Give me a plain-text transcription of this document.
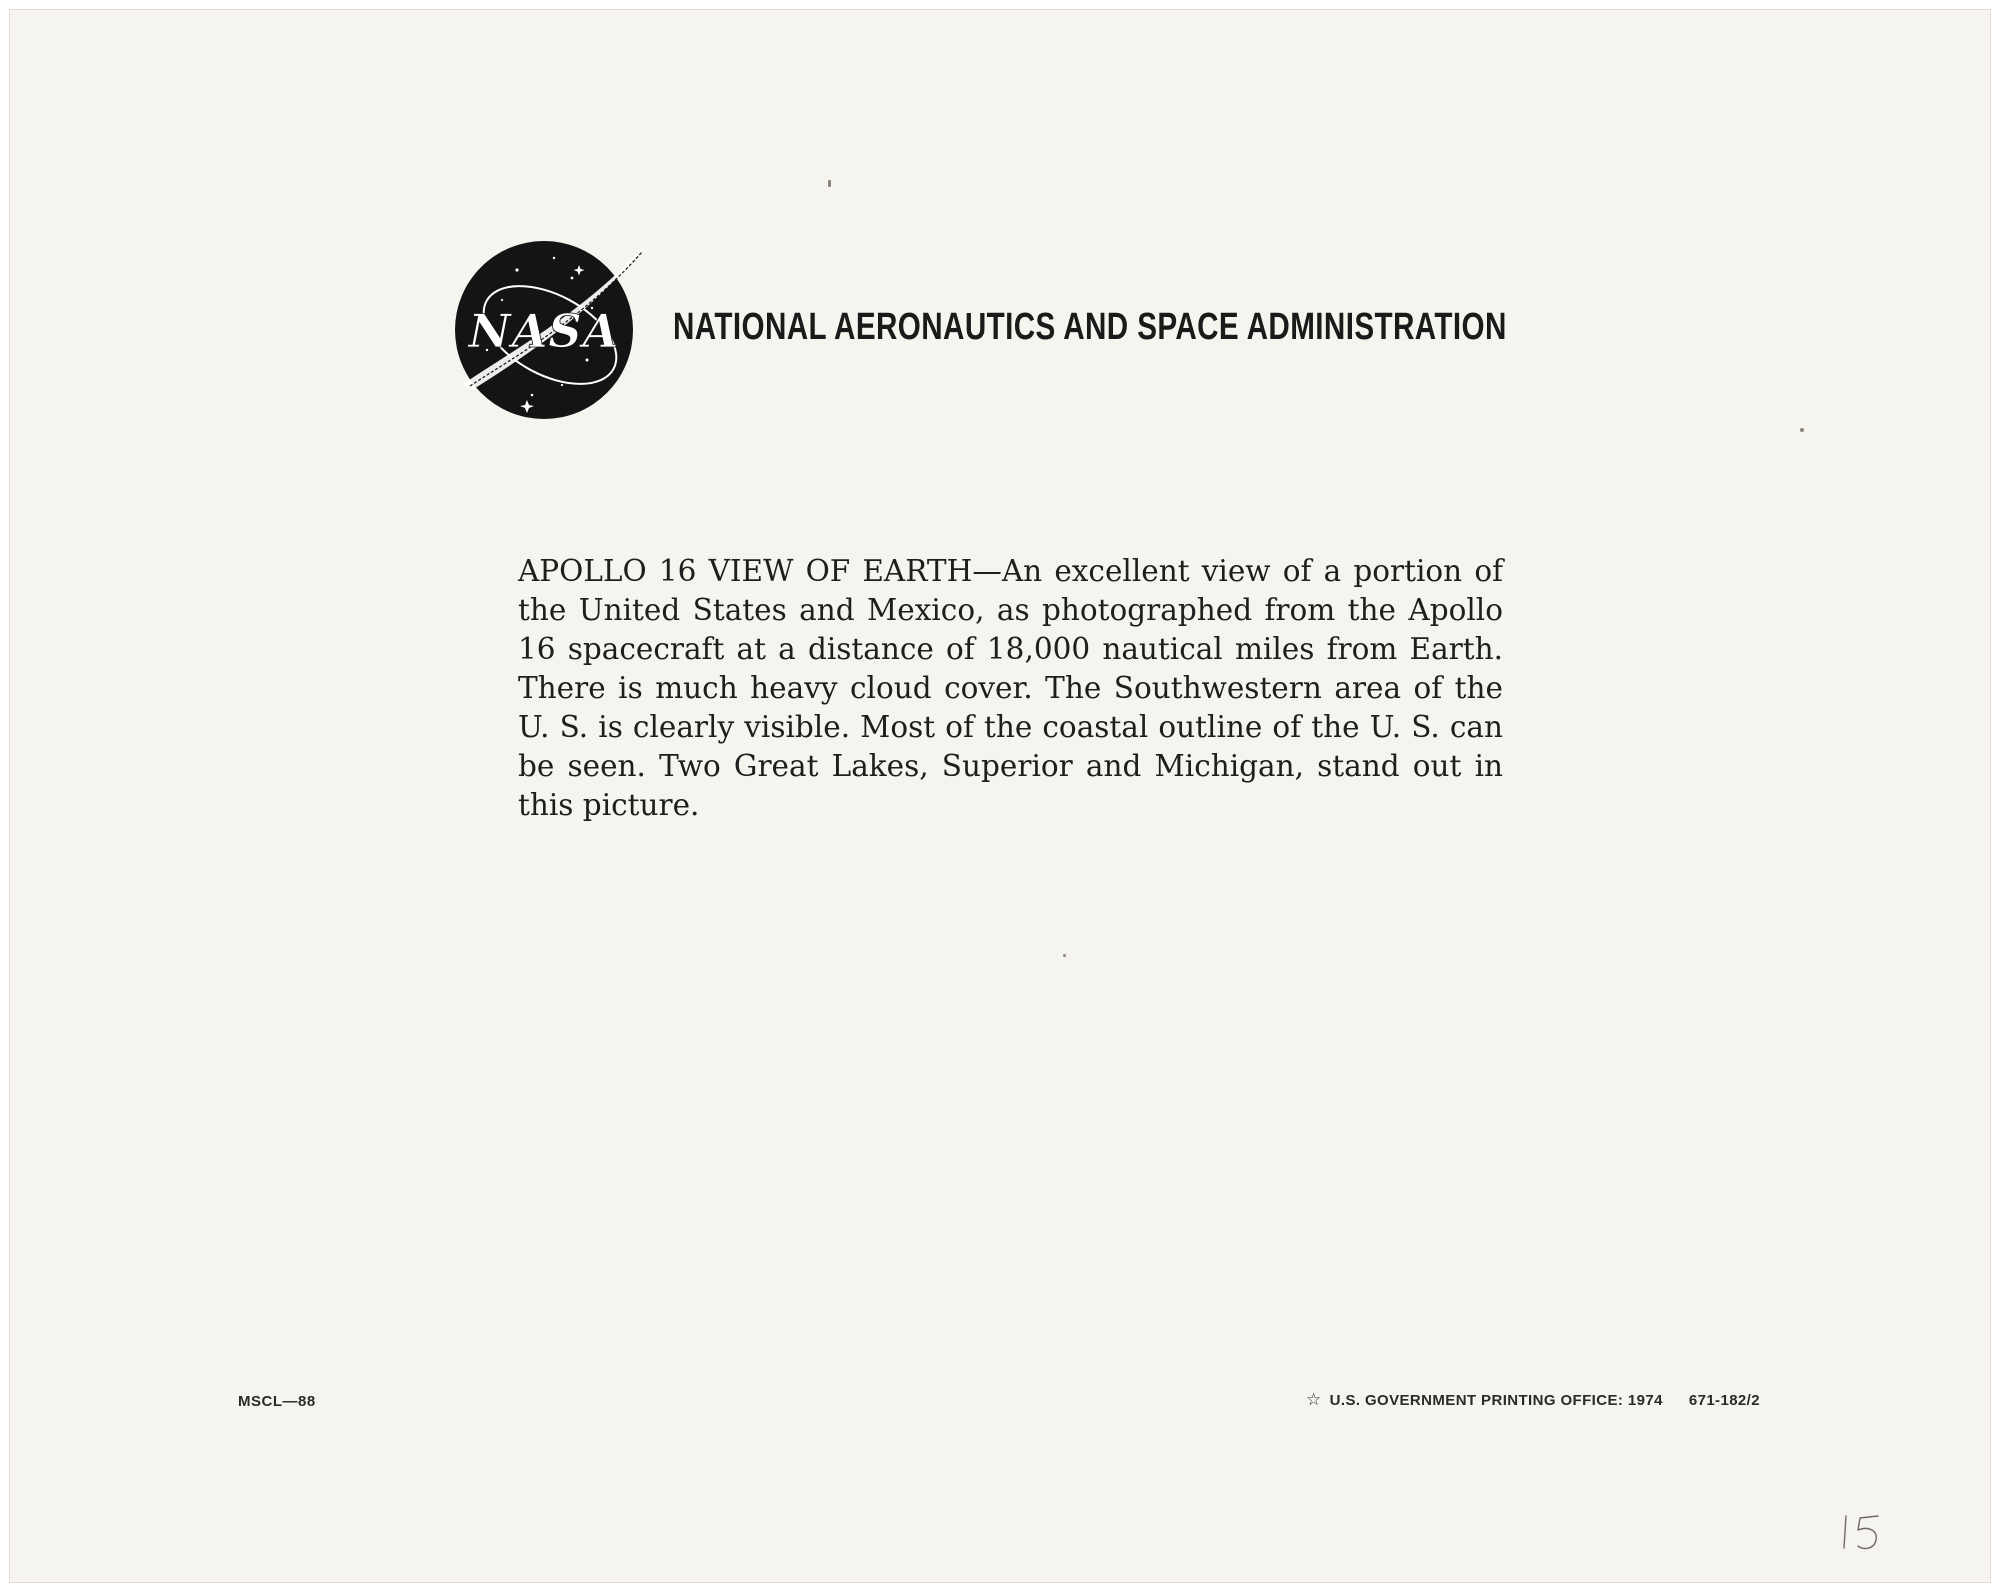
NASA NATIONAL AERONAUTICS AND SPACE ADMINISTRATION
APOLLO 16 VIEW OF EARTH—An excellent view of a portion of the United States and Mexico, as photographed from the Apollo 16 spacecraft at a distance of 18,000 nautical miles from Earth. There is much heavy cloud cover. The Southwestern area of the U. S. is clearly visible. Most of the coastal outline of the U. S. can be seen. Two Great Lakes, Superior and Michigan, stand out in this picture.
MSCL—88	☆ U.S. GOVERNMENT PRINTING OFFICE: 1974 671-182/2
